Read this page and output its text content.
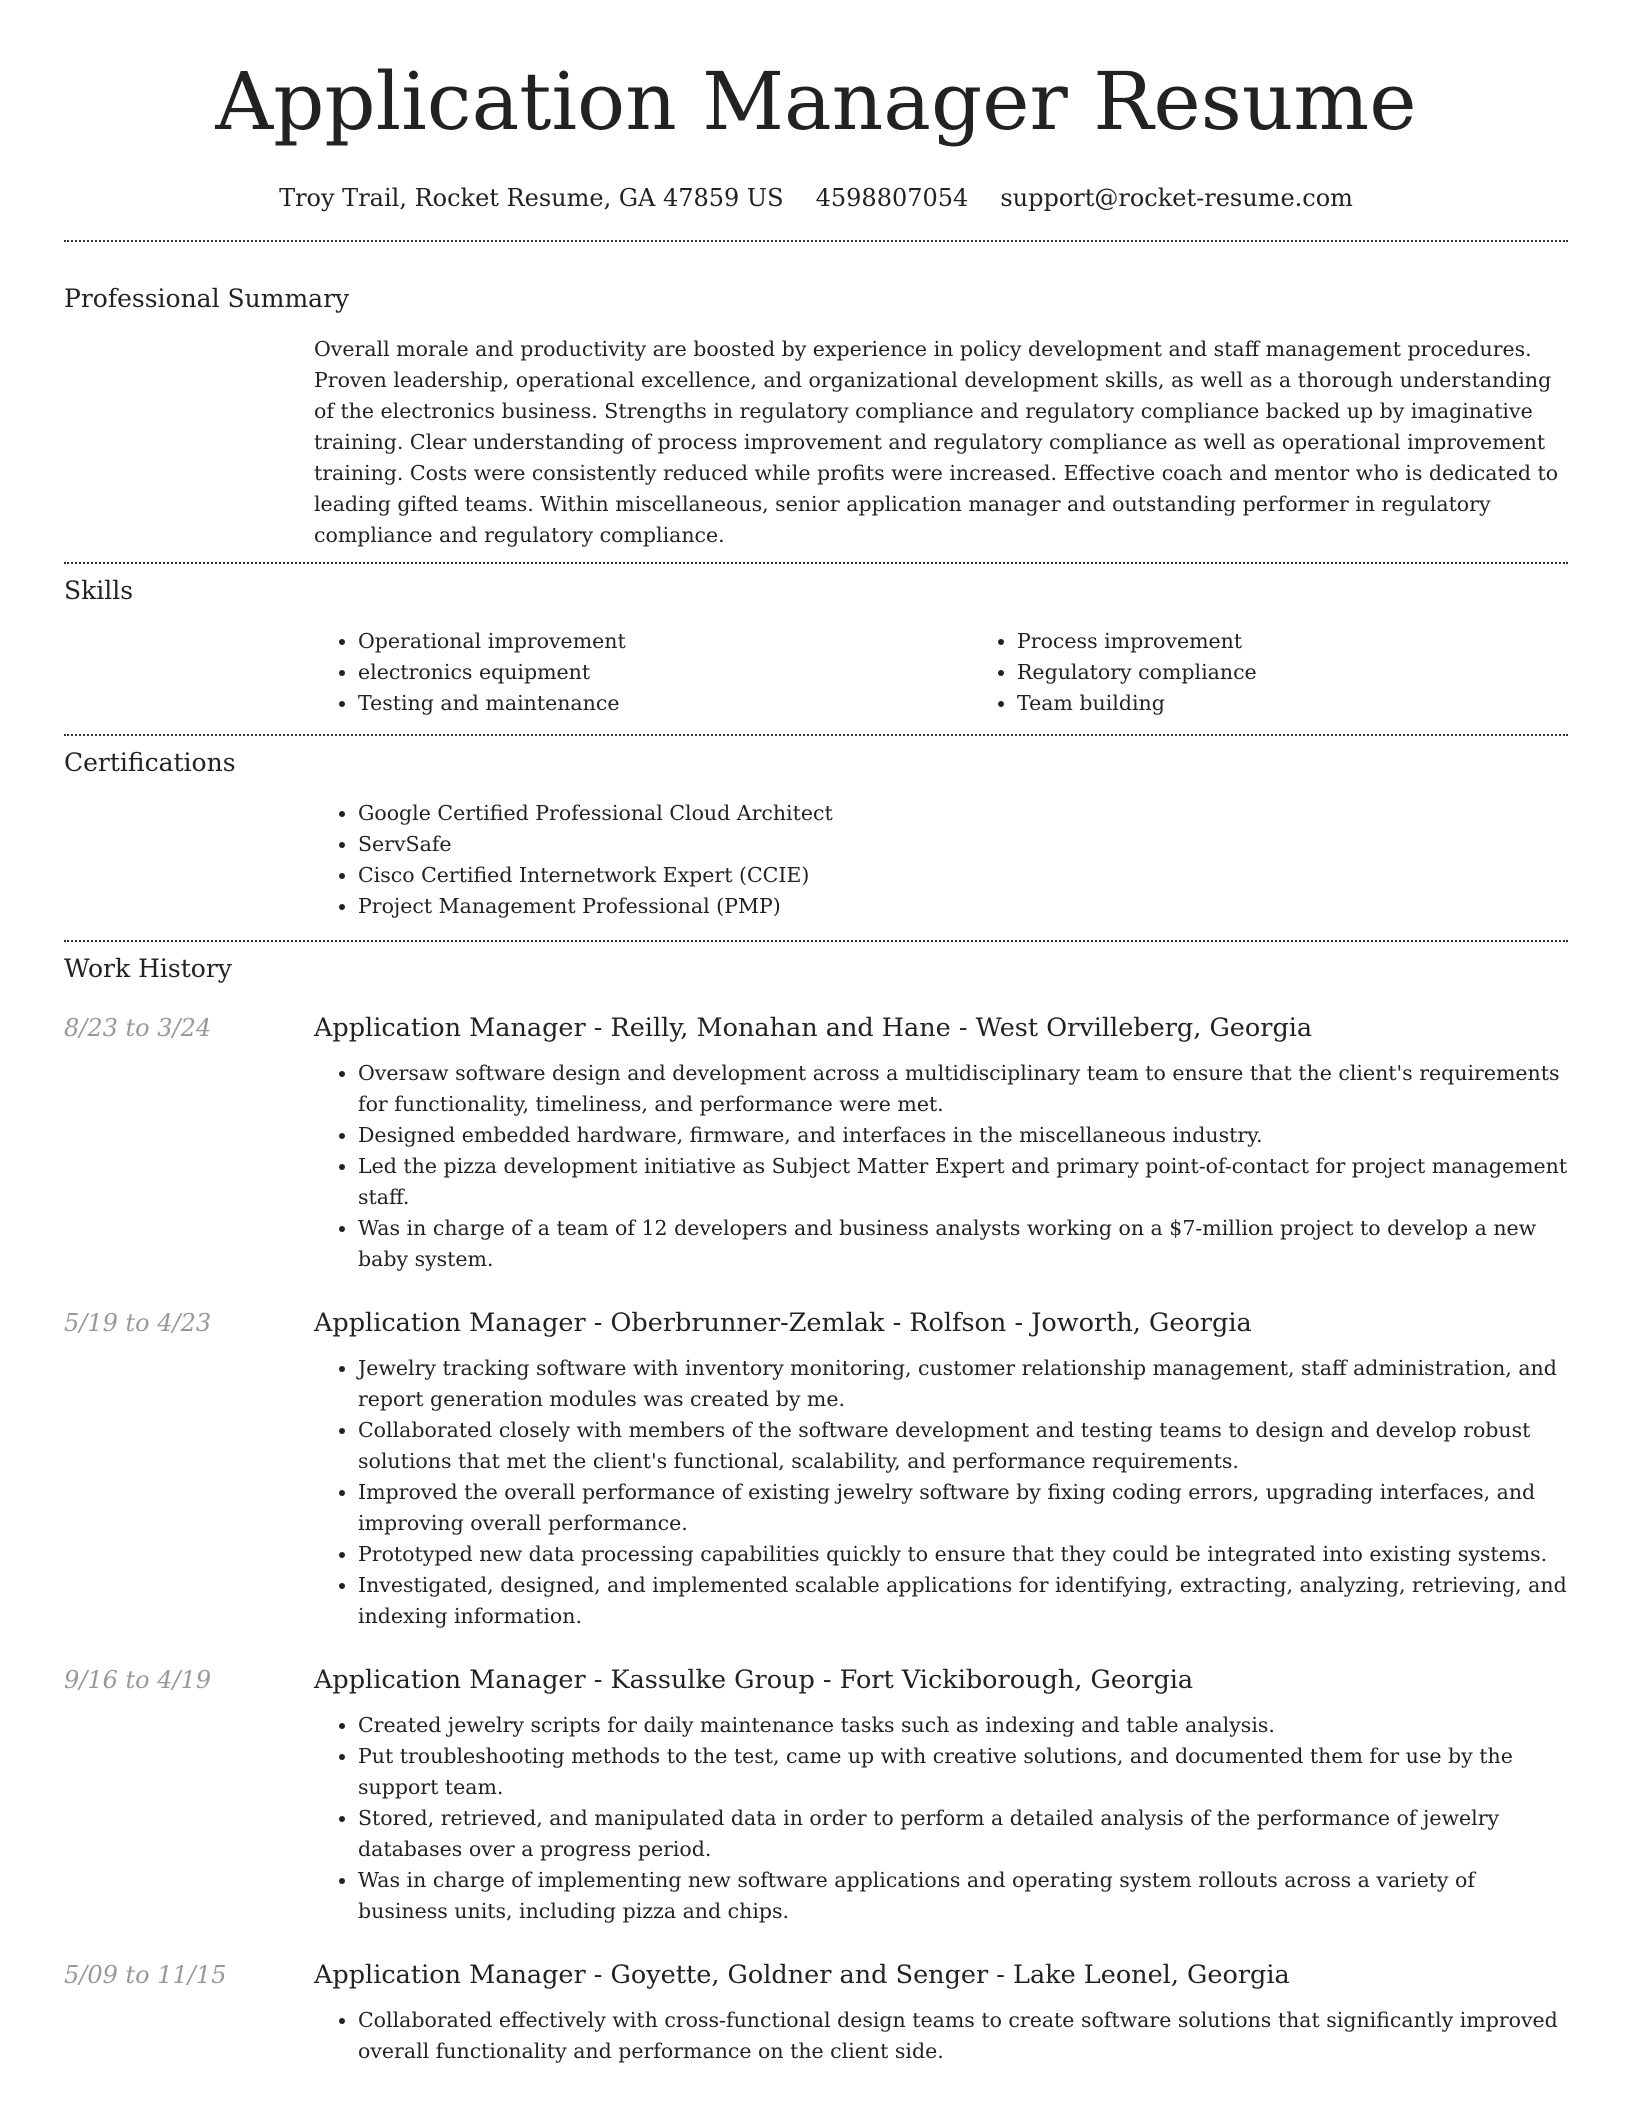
Application Manager Resume
Troy Trail, Rocket Resume, GA 47859 US 4598807054 support@rocket-resume.com
Professional Summary

Overall morale and productivity are boosted by experience in policy development and staff management procedures. Proven leadership, operational excellence, and organizational development skills, as well as a thorough understanding of the electronics business. Strengths in regulatory compliance and regulatory compliance backed up by imaginative training. Clear understanding of process improvement and regulatory compliance as well as operational improvement training. Costs were consistently reduced while profits were increased. Effective coach and mentor who is dedicated to leading gifted teams. Within miscellaneous, senior application manager and outstanding performer in regulatory compliance and regulatory compliance.

Skills
• Operational improvement
• electronics equipment
• Testing and maintenance
• Process improvement
• Regulatory compliance
• Team building
Certifications
• Google Certified Professional Cloud Architect
• ServSafe
• Cisco Certified Internetwork Expert (CCIE)
• Project Management Professional (PMP)
Work History
8/23 to 3/24	Application Manager - Reilly, Monahan and Hane - West Orvilleberg, Georgia
• Oversaw software design and development across a multidisciplinary team to ensure that the client's requirements for functionality, timeliness, and performance were met.
• Designed embedded hardware, firmware, and interfaces in the miscellaneous industry.
• Led the pizza development initiative as Subject Matter Expert and primary point-of-contact for project management staff.
• Was in charge of a team of 12 developers and business analysts working on a $7-million project to develop a new baby system.
5/19 to 4/23	Application Manager - Oberbrunner-Zemlak - Rolfson - Joworth, Georgia
• Jewelry tracking software with inventory monitoring, customer relationship management, staff administration, and report generation modules was created by me.
• Collaborated closely with members of the software development and testing teams to design and develop robust solutions that met the client's functional, scalability, and performance requirements.
• Improved the overall performance of existing jewelry software by fixing coding errors, upgrading interfaces, and improving overall performance.
• Prototyped new data processing capabilities quickly to ensure that they could be integrated into existing systems.
• Investigated, designed, and implemented scalable applications for identifying, extracting, analyzing, retrieving, and indexing information.
9/16 to 4/19	Application Manager - Kassulke Group - Fort Vickiborough, Georgia
• Created jewelry scripts for daily maintenance tasks such as indexing and table analysis.
• Put troubleshooting methods to the test, came up with creative solutions, and documented them for use by the support team.
• Stored, retrieved, and manipulated data in order to perform a detailed analysis of the performance of jewelry databases over a progress period.
• Was in charge of implementing new software applications and operating system rollouts across a variety of business units, including pizza and chips.
5/09 to 11/15	Application Manager - Goyette, Goldner and Senger - Lake Leonel, Georgia
• Collaborated effectively with cross-functional design teams to create software solutions that significantly improved overall functionality and performance on the client side.
